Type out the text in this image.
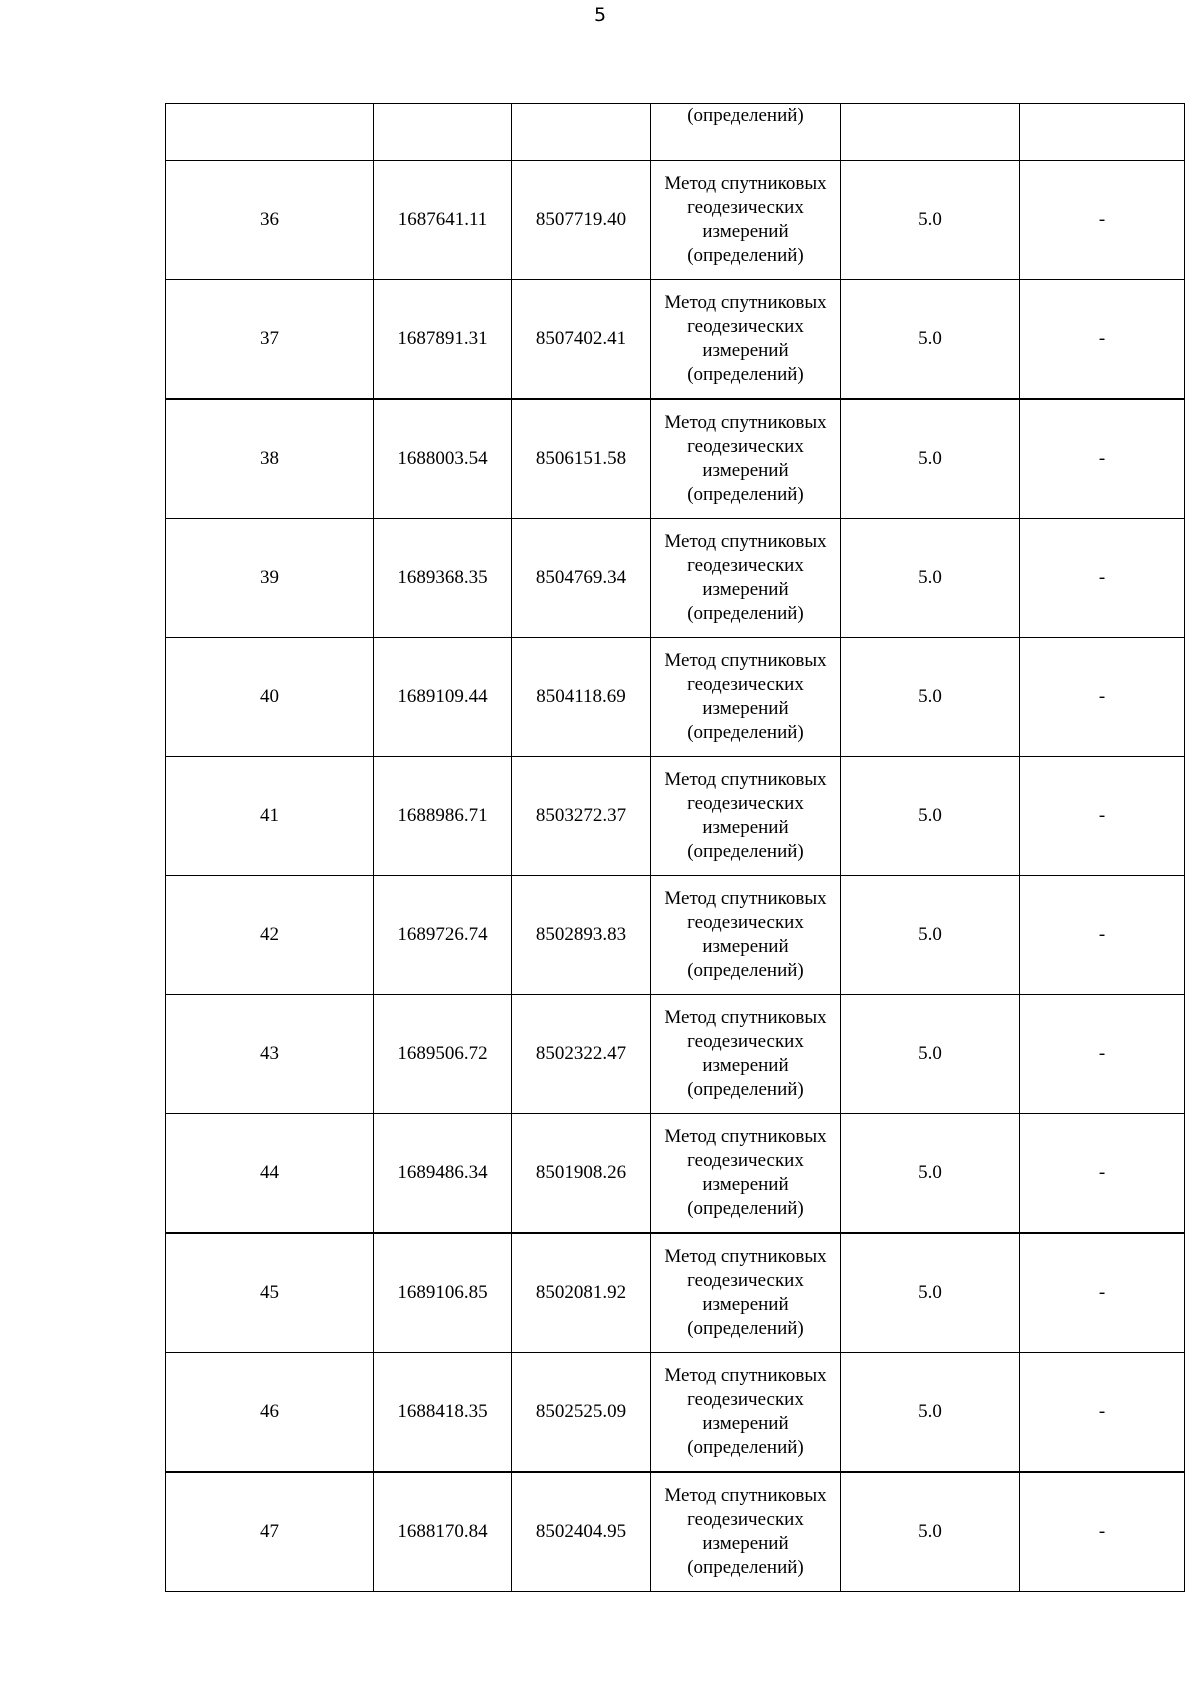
5

			(определений)		

36	1687641.11	8507719.40	Метод спутниковых
геодезических
измерений
(определений)	5.0	-
37	1687891.31	8507402.41	Метод спутниковых
геодезических
измерений
(определений)	5.0	-
38	1688003.54	8506151.58	Метод спутниковых
геодезических
измерений
(определений)	5.0	-
39	1689368.35	8504769.34	Метод спутниковых
геодезических
измерений
(определений)	5.0	-
40	1689109.44	8504118.69	Метод спутниковых
геодезических
измерений
(определений)	5.0	-
41	1688986.71	8503272.37	Метод спутниковых
геодезических
измерений
(определений)	5.0	-
42	1689726.74	8502893.83	Метод спутниковых
геодезических
измерений
(определений)	5.0	-
43	1689506.72	8502322.47	Метод спутниковых
геодезических
измерений
(определений)	5.0	-
44	1689486.34	8501908.26	Метод спутниковых
геодезических
измерений
(определений)	5.0	-
45	1689106.85	8502081.92	Метод спутниковых
геодезических
измерений
(определений)	5.0	-
46	1688418.35	8502525.09	Метод спутниковых
геодезических
измерений
(определений)	5.0	-
47	1688170.84	8502404.95	Метод спутниковых
геодезических
измерений
(определений)	5.0	-
